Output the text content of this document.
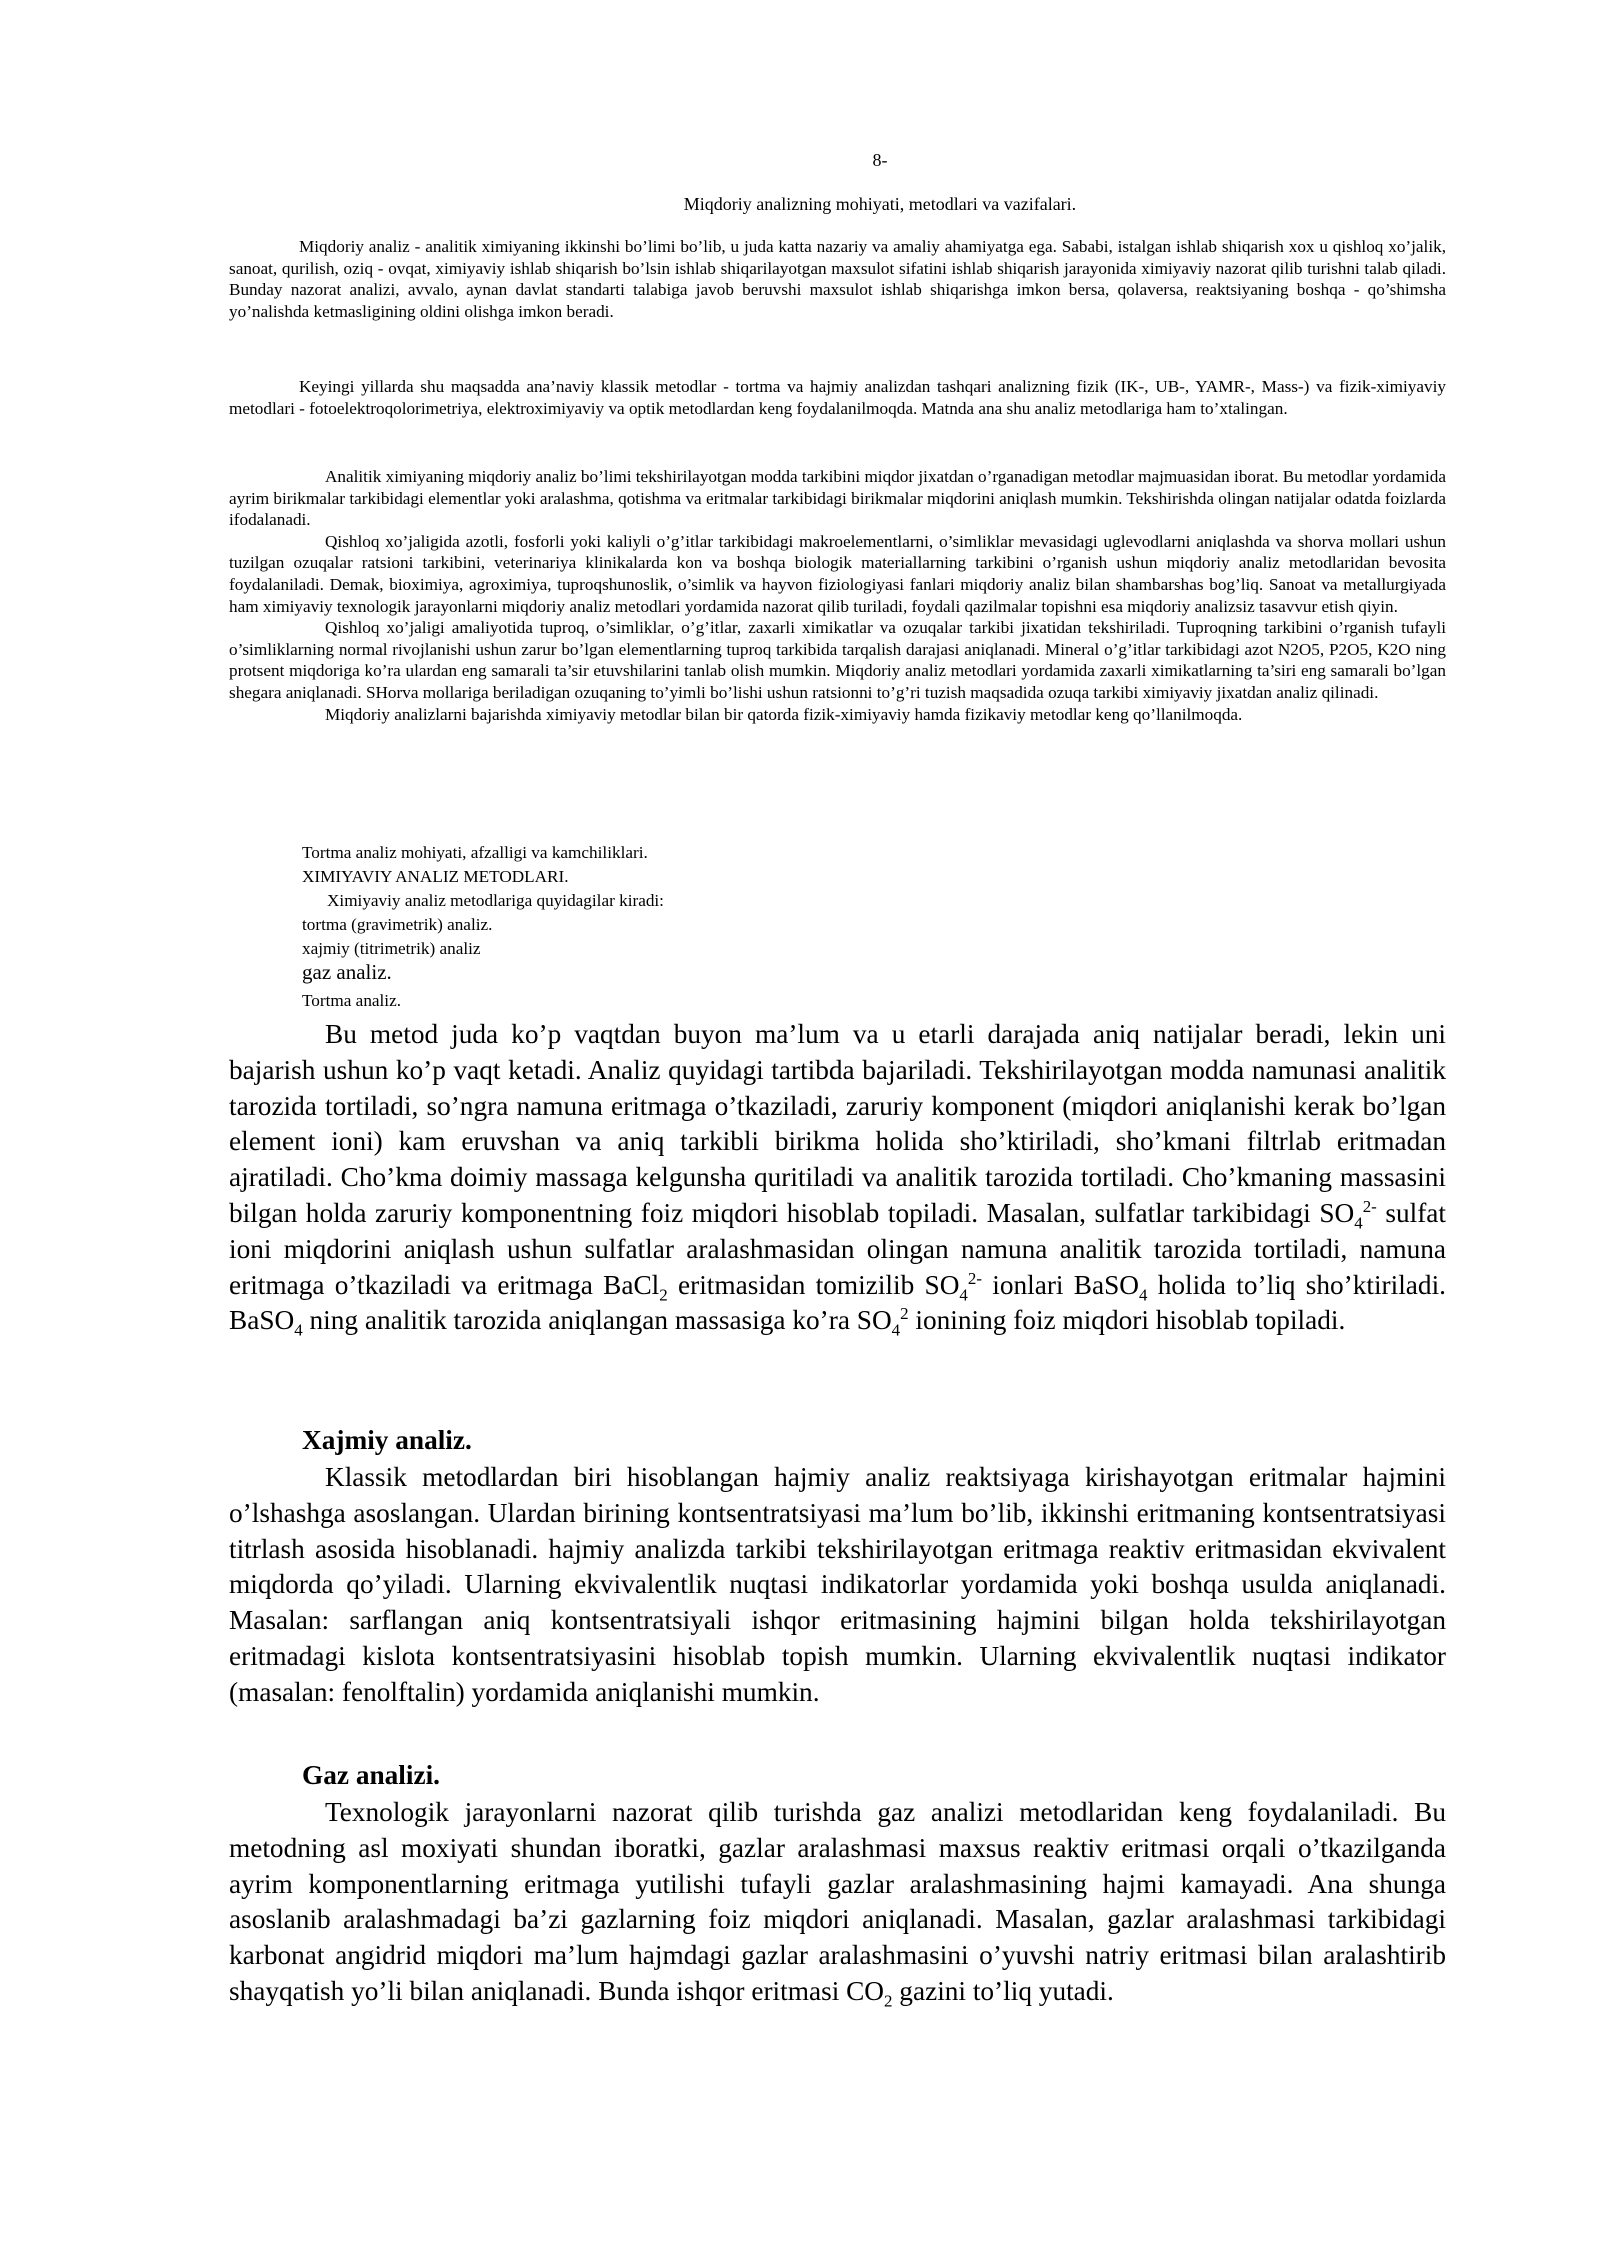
8-
Miqdoriy analizning mohiyati, metodlari va vazifalari.

Miqdoriy analiz - analitik ximiyaning ikkinshi bo’limi bo’lib, u juda katta nazariy va amaliy ahamiyatga ega. Sababi, istalgan ishlab shiqarish xox u qishloq xo’jalik, sanoat, qurilish, oziq - ovqat, ximiyaviy ishlab shiqarish bo’lsin ishlab shiqarilayotgan maxsulot sifatini ishlab shiqarish jarayonida ximiyaviy nazorat qilib turishni talab qiladi. Bunday nazorat analizi, avvalo, aynan davlat standarti talabiga javob beruvshi maxsulot ishlab shiqarishga imkon bersa, qolaversa, reaktsiyaning boshqa - qo’shimsha yo’nalishda ketmasligining oldini olishga imkon beradi.

Keyingi yillarda shu maqsadda ana’naviy klassik metodlar - tortma va hajmiy analizdan tashqari analizning fizik (IK-, UB-, YAMR-, Mass-) va fizik-ximiyaviy metodlari - fotoelektroqolorimetriya, elektroximiyaviy va optik metodlardan keng foydalanilmoqda. Matnda ana shu analiz metodlariga ham to’xtalingan.

Analitik ximiyaning miqdoriy analiz bo’limi tekshirilayotgan modda tarkibini miqdor jixatdan o’rganadigan metodlar majmuasidan iborat. Bu metodlar yordamida ayrim birikmalar tarkibidagi elementlar yoki aralashma, qotishma va eritmalar tarkibidagi birikmalar miqdorini aniqlash mumkin. Tekshirishda olingan natijalar odatda foizlarda ifodalanadi.

Qishloq xo’jaligida azotli, fosforli yoki kaliyli o’g’itlar tarkibidagi makroelementlarni, o’simliklar mevasidagi uglevodlarni aniqlashda va shorva mollari ushun tuzilgan ozuqalar ratsioni tarkibini, veterinariya klinikalarda kon va boshqa biologik materiallarning tarkibini o’rganish ushun miqdoriy analiz metodlaridan bevosita foydalaniladi. Demak, bioximiya, agroximiya, tuproqshunoslik, o’simlik va hayvon fiziologiyasi fanlari miqdoriy analiz bilan shambarshas bog’liq. Sanoat va metallurgiyada ham ximiyaviy texnologik jarayonlarni miqdoriy analiz metodlari yordamida nazorat qilib turiladi, foydali qazilmalar topishni esa miqdoriy analizsiz tasavvur etish qiyin.

Qishloq xo’jaligi amaliyotida tuproq, o’simliklar, o’g’itlar, zaxarli ximikatlar va ozuqalar tarkibi jixatidan tekshiriladi. Tuproqning tarkibini o’rganish tufayli o’simliklarning normal rivojlanishi ushun zarur bo’lgan elementlarning tuproq tarkibida tarqalish darajasi aniqlanadi. Mineral o’g’itlar tarkibidagi azot N2O5, P2O5, K2O ning protsent miqdoriga ko’ra ulardan eng samarali ta’sir etuvshilarini tanlab olish mumkin. Miqdoriy analiz metodlari yordamida zaxarli ximikatlarning ta’siri eng samarali bo’lgan shegara aniqlanadi. SHorva mollariga beriladigan ozuqaning to’yimli bo’lishi ushun ratsionni to’g’ri tuzish maqsadida ozuqa tarkibi ximiyaviy jixatdan analiz qilinadi.

Miqdoriy analizlarni bajarishda ximiyaviy metodlar bilan bir qatorda fizik-ximiyaviy hamda fizikaviy metodlar keng qo’llanilmoqda.

Tortma analiz mohiyati, afzalligi va kamchiliklari.
XIMIYAVIY ANALIZ METODLARI.
Ximiyaviy analiz metodlariga quyidagilar kiradi:
tortma (gravimetrik) analiz.
xajmiy (titrimetrik) analiz
gaz analiz.
Tortma analiz.

Bu metod juda ko’p vaqtdan buyon ma’lum va u etarli darajada aniq natijalar beradi, lekin uni bajarish ushun ko’p vaqt ketadi. Analiz quyidagi tartibda bajariladi. Tekshirilayotgan modda namunasi analitik tarozida tortiladi, so’ngra namuna eritmaga o’tkaziladi, zaruriy komponent (miqdori aniqlanishi kerak bo’lgan element ioni) kam eruvshan va aniq tarkibli birikma holida sho’ktiriladi, sho’kmani filtrlab eritmadan ajratiladi. Cho’kma doimiy massaga kelgunsha quritiladi va analitik tarozida tortiladi. Cho’kmaning massasini bilgan holda zaruriy komponentning foiz miqdori hisoblab topiladi. Masalan, sulfatlar tarkibidagi $SO_4^{2-}$ sulfat ioni miqdorini aniqlash ushun sulfatlar aralashmasidan olingan namuna analitik tarozida tortiladi, namuna eritmaga o’tkaziladi va eritmaga BaCl$_2$ eritmasidan tomizilib $SO_4^{2-}$ ionlari BaSO$_4$ holida to’liq sho’ktiriladi. BaSO$_4$ ning analitik tarozida aniqlangan massasiga ko’ra $SO_4^2$ ionining foiz miqdori hisoblab topiladi.

Xajmiy analiz.

Klassik metodlardan biri hisoblangan hajmiy analiz reaktsiyaga kirishayotgan eritmalar hajmini o’lshashga asoslangan. Ulardan birining kontsentratsiyasi ma’lum bo’lib, ikkinshi eritmaning kontsentratsiyasi titrlash asosida hisoblanadi. hajmiy analizda tarkibi tekshirilayotgan eritmaga reaktiv eritmasidan ekvivalent miqdorda qo’yiladi. Ularning ekvivalentlik nuqtasi indikatorlar yordamida yoki boshqa usulda aniqlanadi. Masalan: sarflangan aniq kontsentratsiyali ishqor eritmasining hajmini bilgan holda tekshirilayotgan eritmadagi kislota kontsentratsiyasini hisoblab topish mumkin. Ularning ekvivalentlik nuqtasi indikator (masalan: fenolftalin) yordamida aniqlanishi mumkin.

Gaz analizi.

Texnologik jarayonlarni nazorat qilib turishda gaz analizi metodlaridan keng foydalaniladi. Bu metodning asl moxiyati shundan iboratki, gazlar aralashmasi maxsus reaktiv eritmasi orqali o’tkazilganda ayrim komponentlarning eritmaga yutilishi tufayli gazlar aralashmasining hajmi kamayadi. Ana shunga asoslanib aralashmadagi ba’zi gazlarning foiz miqdori aniqlanadi. Masalan, gazlar aralashmasi tarkibidagi karbonat angidrid miqdori ma’lum hajmdagi gazlar aralashmasini o’yuvshi natriy eritmasi bilan aralashtirib shayqatish yo’li bilan aniqlanadi. Bunda ishqor eritmasi $CO_2$ gazini to’liq yutadi.
